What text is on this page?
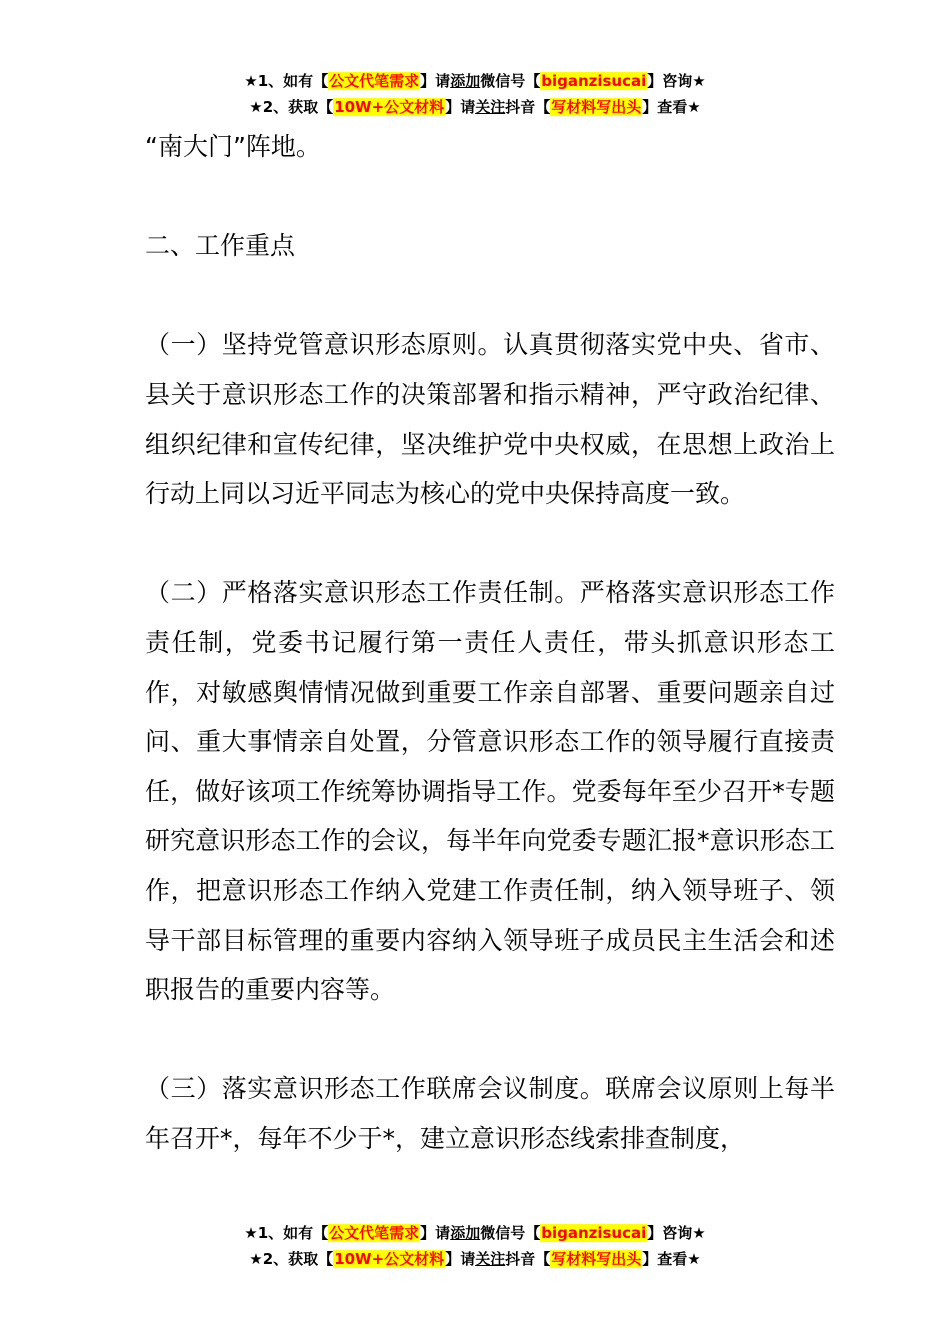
★1、如有【公文代笔需求】请添加微信号【biganzisucai】咨询★
★2、获取【10W+公文材料】请关注抖音【写材料写出头】查看★

“南大门”阵地。

二、工作重点

（一）坚持党管意识形态原则。认真贯彻落实党中央、省市、县关于意识形态工作的决策部署和指示精神，严守政治纪律、组织纪律和宣传纪律，坚决维护党中央权威，在思想上政治上行动上同以习近平同志为核心的党中央保持高度一致。

（二）严格落实意识形态工作责任制。严格落实意识形态工作责任制，党委书记履行第一责任人责任，带头抓意识形态工作，对敏感舆情情况做到重要工作亲自部署、重要问题亲自过问、重大事情亲自处置，分管意识形态工作的领导履行直接责任，做好该项工作统筹协调指导工作。党委每年至少召开*专题研究意识形态工作的会议，每半年向党委专题汇报*意识形态工作，把意识形态工作纳入党建工作责任制，纳入领导班子、领导干部目标管理的重要内容纳入领导班子成员民主生活会和述职报告的重要内容等。

（三）落实意识形态工作联席会议制度。联席会议原则上每半年召开*，每年不少于*，建立意识形态线索排查制度，

★1、如有【公文代笔需求】请添加微信号【biganzisucai】咨询★
★2、获取【10W+公文材料】请关注抖音【写材料写出头】查看★
